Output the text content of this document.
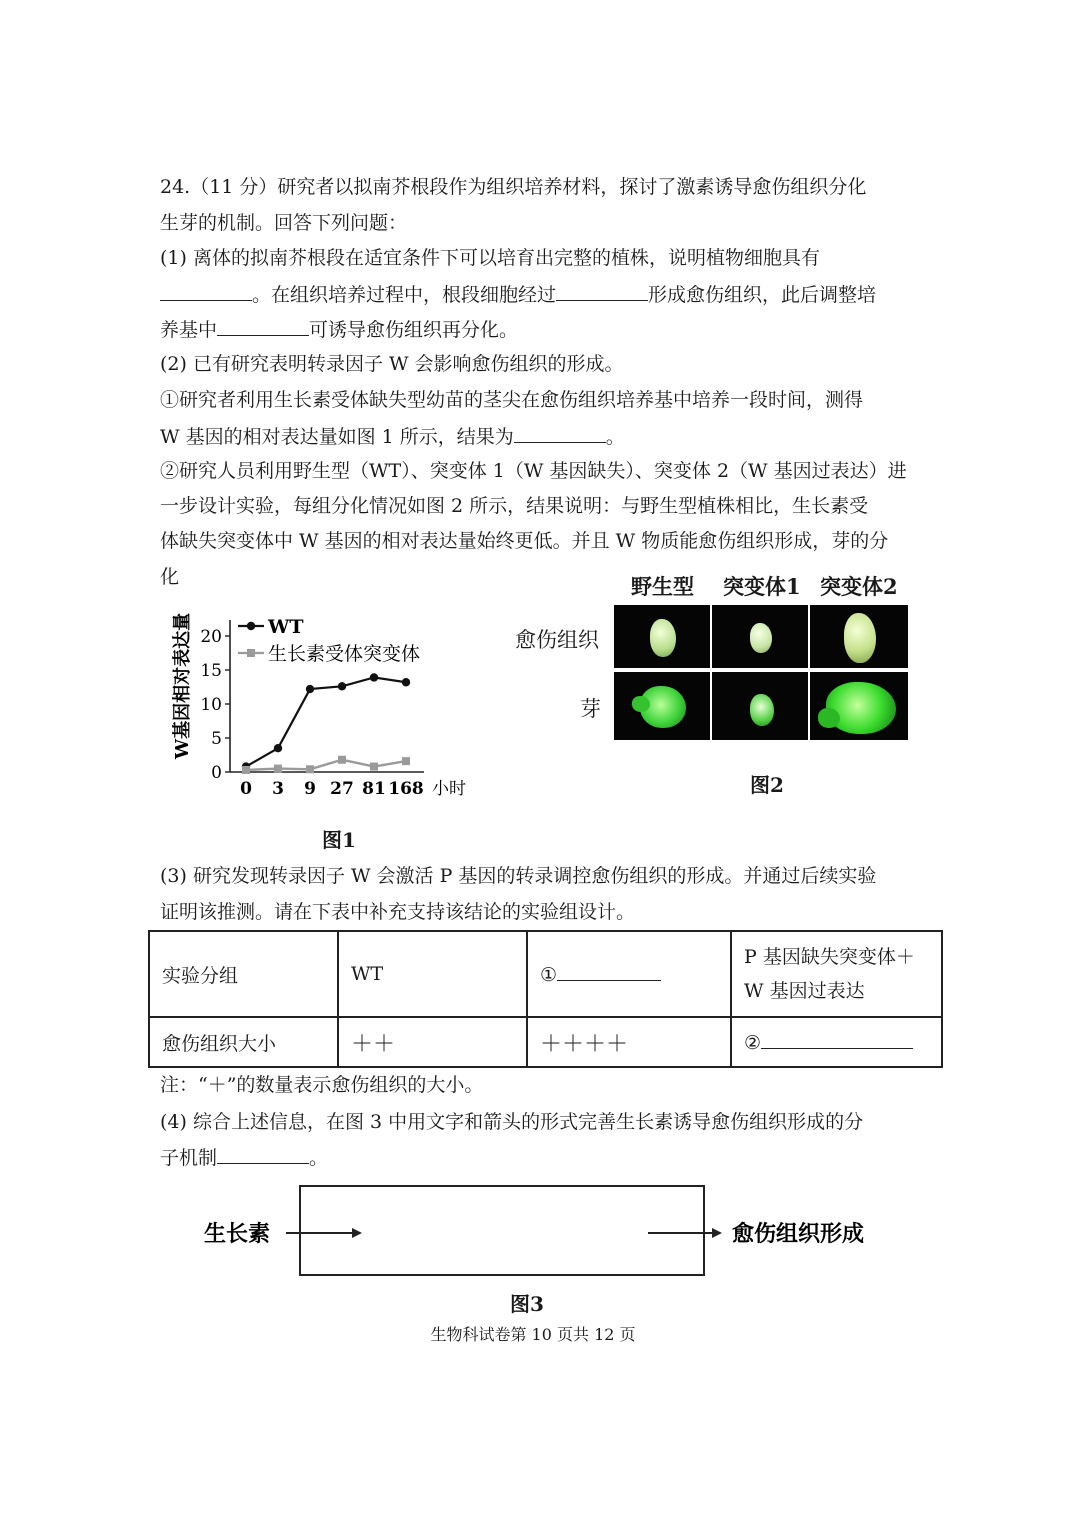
24.（11 分）研究者以拟南芥根段作为组织培养材料，探讨了激素诱导愈伤组织分化
生芽的机制。回答下列问题：
(1) 离体的拟南芥根段在适宜条件下可以培育出完整的植株，说明植物细胞具有
。在组织培养过程中，根段细胞经过	形成愈伤组织，此后调整培
养基中	可诱导愈伤组织再分化。
(2) 已有研究表明转录因子 W 会影响愈伤组织的形成。
①研究者利用生长素受体缺失型幼苗的茎尖在愈伤组织培养基中培养一段时间，测得
W 基因的相对表达量如图 1 所示，结果为	。
②研究人员利用野生型（WT）、突变体 1（W 基因缺失）、突变体 2（W 基因过表达）进
一步设计实验，每组分化情况如图 2 所示，结果说明：与野生型植株相比，生长素受
体缺失突变体中 W 基因的相对表达量始终更低。并且 W 物质能愈伤组织形成，芽的分
化
0
5
10
15
20
0 3 9 27 81 168
WT
生长素受体突变体
W基因相对表达量
小时
图1
野生型 突变体1 突变体2
愈伤组织
芽
图2
(3) 研究发现转录因子 W 会激活 P 基因的转录调控愈伤组织的形成。并通过后续实验
证明该推测。请在下表中补充支持该结论的实验组设计。
实验分组	WT	①	P 基因缺失突变体＋
W 基因过表达
愈伤组织大小	＋＋	＋＋＋＋	②
注：“＋”的数量表示愈伤组织的大小。
(4) 综合上述信息，在图 3 中用文字和箭头的形式完善生长素诱导愈伤组织形成的分
子机制	。
生长素	愈伤组织形成
图3
生物科试卷第 10 页共 12 页
